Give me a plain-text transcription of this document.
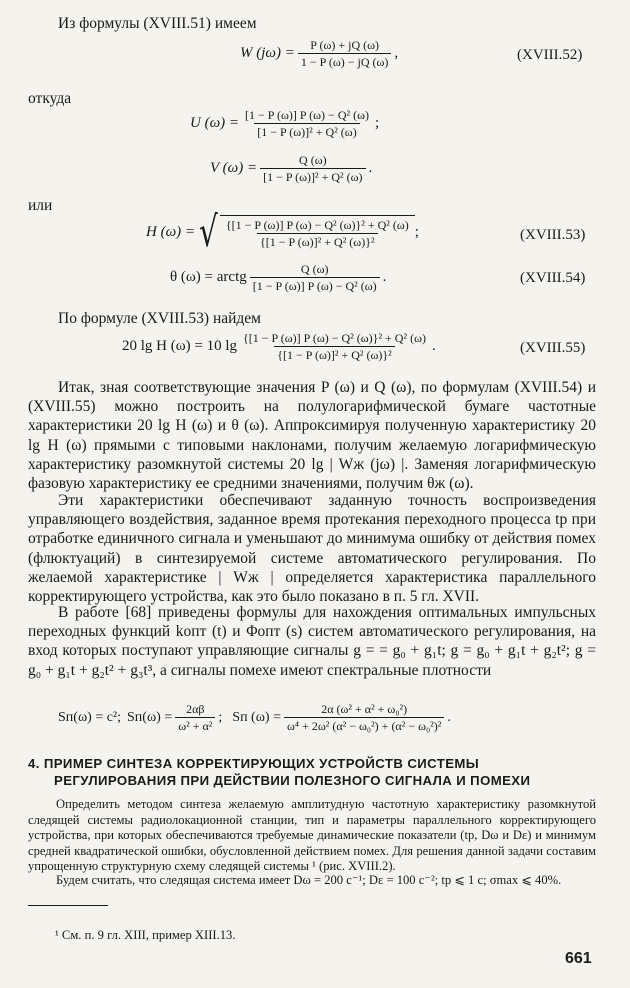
Из формулы (XVIII.51) имеем
W $(j\omega) = \frac{P (\omega) + jQ (\omega)}{1 - P (\omega) - jQ (\omega)}$ ,	(XVIII.52)
откуда
U $(\omega) = \frac{\text{[1 − P (ω)] P (ω) − Q² (ω)}}{\text{[1 − P (ω)]² + Q² (ω)}}$ ;
V $(\omega) = \frac{Q (\omega)}{\text{[1 − P (ω)]² + Q² (ω)}}$ .
или
H (ω) = √ $\frac{\text{\{[1 − P (ω)] P (ω) − Q² (ω)\}² + Q² (ω)}}{\text{\{[1 − P (ω)]² + Q² (ω)\}²}}$ ;	(XVIII.53)
θ (ω) = arctg $\frac{Q (\omega)}{\text{[1 − P (ω)] P (ω) − Q² (ω)}}$ .	(XVIII.54)
По формуле (XVIII.53) найдем
20 lg H (ω) = 10 $\lg \frac{\text{\{[1 − P (ω)] P (ω) − Q² (ω)\}² + Q² (ω)}}{\text{\{[1 − P (ω)]² + Q² (ω)\}²}}$ .	(XVIII.55)
Итак, зная соответствующие значения P (ω) и Q (ω), по формулам (XVIII.54) и (XVIII.55) можно построить на полулогарифмической бумаге частотные характеристики 20 lg H (ω) и θ (ω). Аппроксимируя полученную характеристику 20 lg H (ω) прямыми с типовыми наклонами, получим желаемую логарифмическую характеристику разомкнутой системы 20 lg | Wж (jω) |. Заменяя логарифмическую фазовую характеристику ее средними значениями, получим θж (ω).
Эти характеристики обеспечивают заданную точность воспроизведения управляющего воздействия, заданное время протекания переходного процесса tр при отработке единичного сигнала и уменьшают до минимума ошибку от действия помех (флюктуаций) в синтезируемой системе автоматического регулирования. По желаемой характеристике | Wж | определяется характеристика параллельного корректирующего устройства, как это было показано в п. 5 гл. XVII.
В работе [68] приведены формулы для нахождения оптимальных импульсных переходных функций kопт (t) и Φопт (s) систем автоматического регулирования, на вход которых поступают управляющие сигналы g = = g₀ + g₁t; g = g₀ + g₁t + g₂t²; g = g₀ + g₁t + g₂t² + g₃t³, а сигналы помехе имеют спектральные плотности
Sп(ω) = c²; $Sп(\omega) = \frac{2\alpha\beta}{\text{ω² + α²}}$ ; Sп $(\omega) = \frac{\text{2α (ω² + α² + ω₀²)}}{\text{ω⁴ + 2ω² (α² − ω₀²) + (α² − ω₀²)²}}$ .
4. ПРИМЕР СИНТЕЗА КОРРЕКТИРУЮЩИХ УСТРОЙСТВ СИСТЕМЫ
РЕГУЛИРОВАНИЯ ПРИ ДЕЙСТВИИ ПОЛЕЗНОГО СИГНАЛА И ПОМЕХИ
Определить методом синтеза желаемую амплитудную частотную характеристику разомкнутой следящей системы радиолокационной станции, тип и параметры параллельного корректирующего устройства, при которых обеспечиваются требуемые динамические показатели (tр, Dω и Dε) и минимум средней квадратической ошибки, обусловленной действием помех. Для решения данной задачи составим упрощенную структурную схему следящей системы ¹ (рис. XVIII.2).
Будем считать, что следящая система имеет Dω = 200 с⁻¹; Dε = 100 с⁻²; tр ⩽ 1 с; σmax ⩽ 40%.
¹ См. п. 9 гл. XIII, пример XIII.13.
661
